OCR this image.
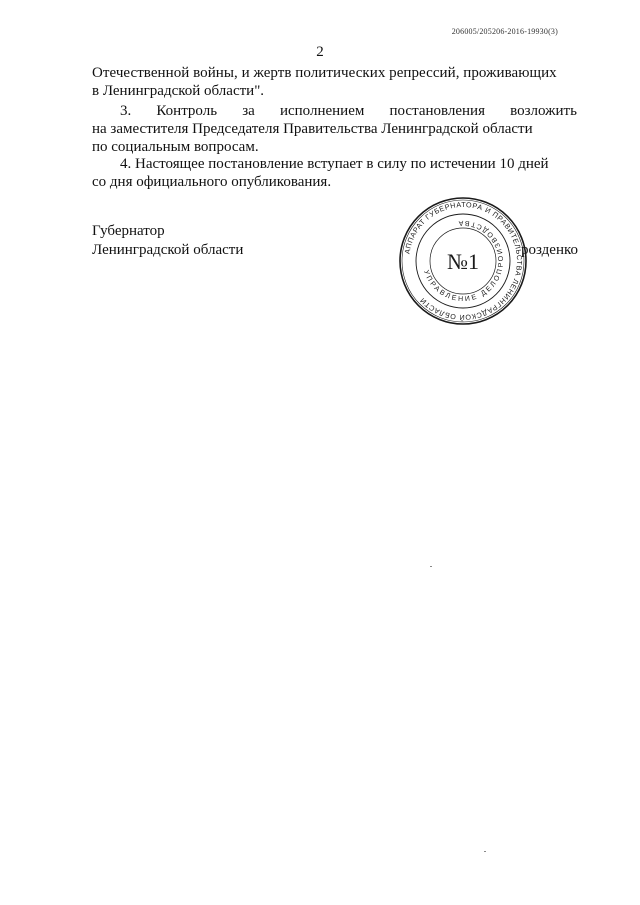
206005/205206-2016-19930(3)
2
Отечественной войны, и жертв политических репрессий, проживающих
в Ленинградской области".
3. Контроль за исполнением постановления возложить
на заместителя Председателя Правительства Ленинградской области
по социальным вопросам.
4. Настоящее постановление вступает в силу по истечении 10 дней
со дня официального опубликования.
Губернатор
Ленинградской области	розденко
АППАРАТ ГУБЕРНАТОРА И ПРАВИТЕЛЬСТВА ЛЕНИНГРАДСКОЙ ОБЛАСТИ
УПРАВЛЕНИЕ ДЕЛОПРОИЗВОДСТВА
№1
